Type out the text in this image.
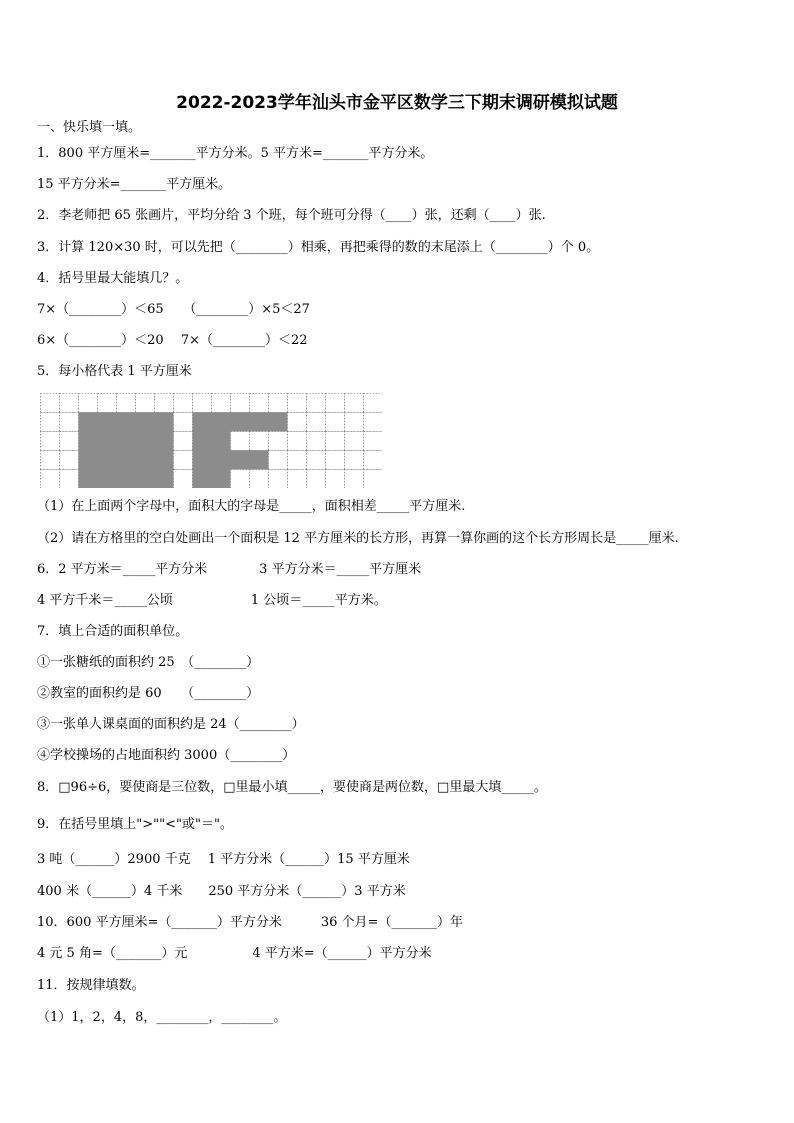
2022-2023学年汕头市金平区数学三下期末调研模拟试题
一、快乐填一填。
1．800 平方厘米=_______平方分米。5 平方米=_______平方分米。
15 平方分米=_______平方厘米。
2．李老师把 65 张画片，平均分给 3 个班，每个班可分得（____）张，还剩（____）张.
3．计算 120×30 时，可以先把（________）相乘，再把乘得的数的末尾添上（________）个 0。
4．括号里最大能填几？。
7×（________）＜65　　（________）×5＜27
6×（________）＜20　 7×（________）＜22
5．每小格代表 1 平方厘米
（1）在上面两个字母中，面积大的字母是_____，面积相差_____平方厘米.
（2）请在方格里的空白处画出一个面积是 12 平方厘米的长方形，再算一算你画的这个长方形周长是_____厘米.
6．2 平方米＝_____平方分米　　　　3 平方分米＝_____平方厘米
4 平方千米＝_____公顷　　　　　　1 公顷＝_____平方米。
7．填上合适的面积单位。
①一张糖纸的面积约 25　（________）
②教室的面积约是 60　　（________）
③一张单人课桌面的面积约是 24（________）
④学校操场的占地面积约 3000（________）
8．□96÷6，要使商是三位数，□里最小填_____，要使商是两位数，□里最大填_____。
9．在括号里填上">""<"或"＝"。
3 吨（______）2900 千克　 1 平方分米（______）15 平方厘米
400 米（______）4 千米　　250 平方分米（______）3 平方米
10．600 平方厘米=（_______）平方分米　　　36 个月=（_______）年
4 元 5 角=（_______）元　　　　　4 平方米=（______）平方分米
11．按规律填数。
（1）1，2，4，8，________，________。
